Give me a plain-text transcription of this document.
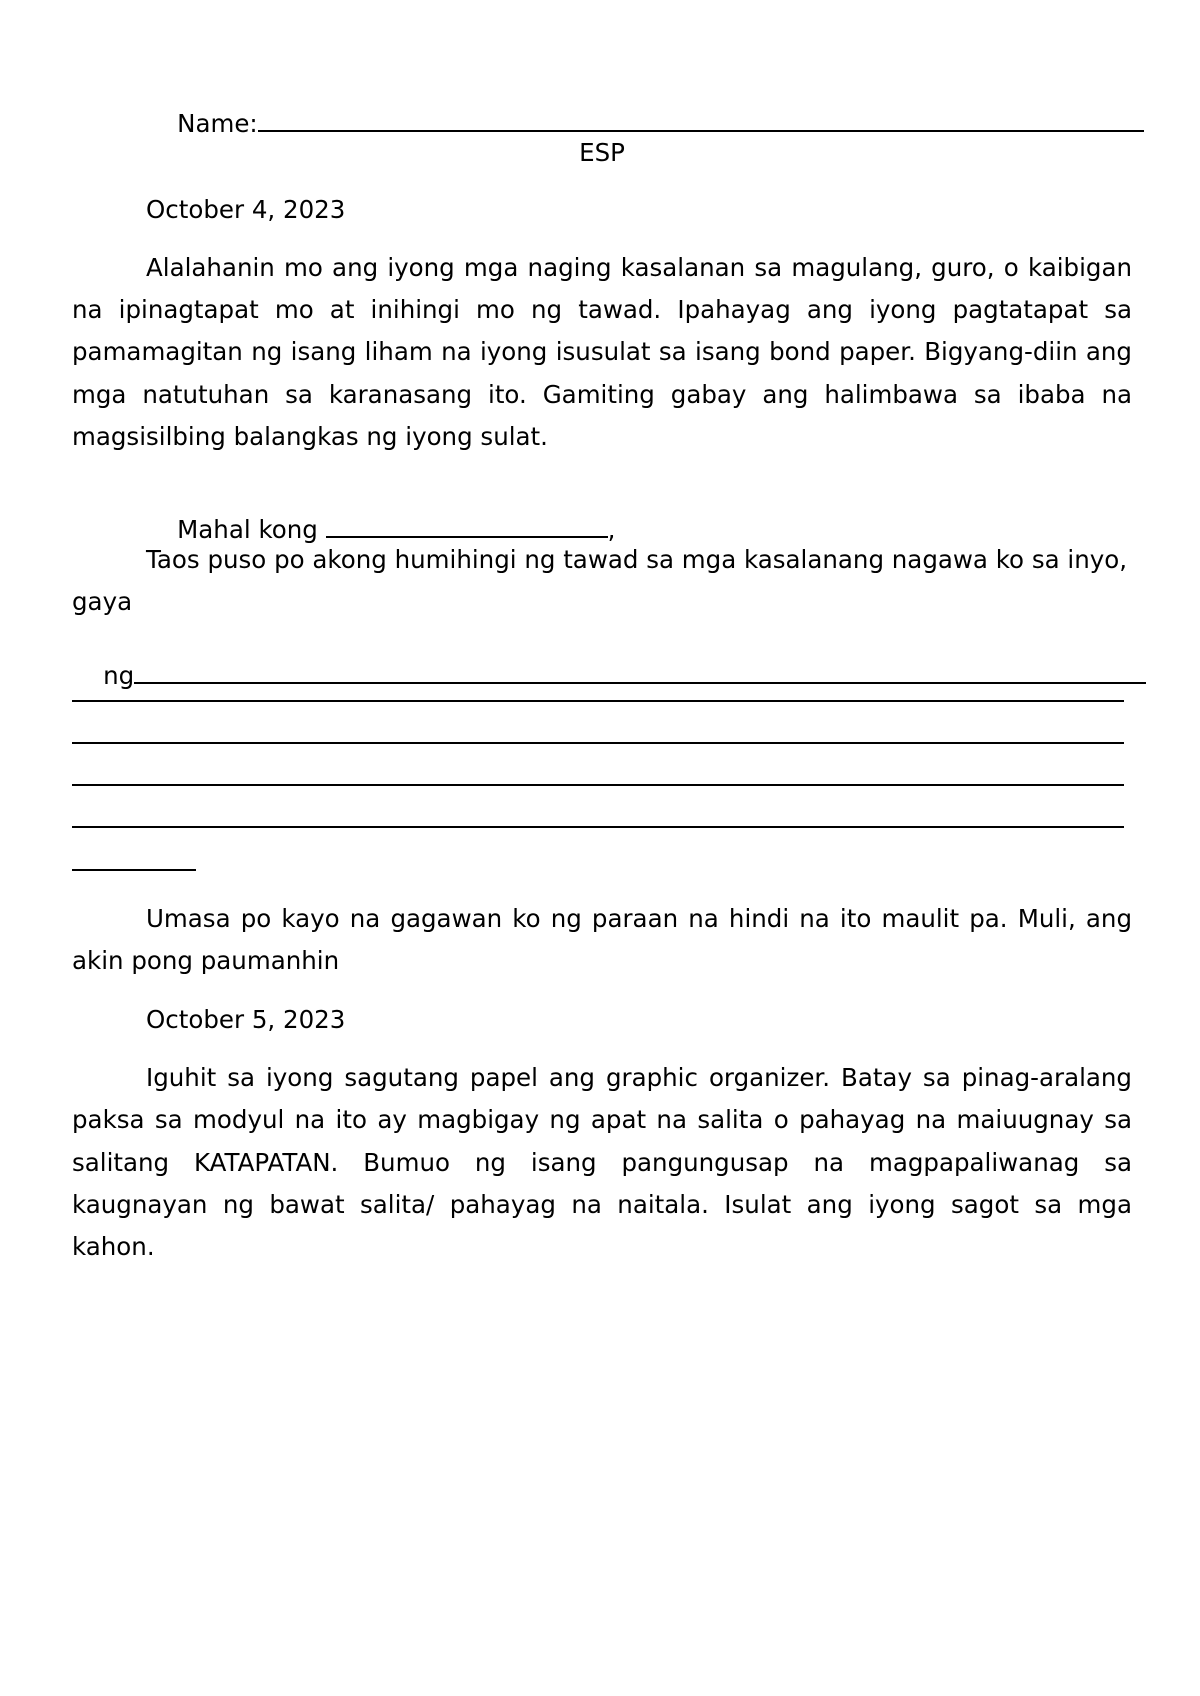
Name:

ESP
October 4, 2023
Alalahanin mo ang iyong mga naging kasalanan sa magulang, guro, o kaibigan
na ipinagtapat mo at inihingi mo ng tawad. Ipahayag ang iyong pagtatapat sa
pamamagitan ng isang liham na iyong isusulat sa isang bond paper. Bigyang-diin ang
mga natutuhan sa karanasang ito. Gamiting gabay ang halimbawa sa ibaba na
magsisilbing balangkas ng iyong sulat.

Mahal kong	,

Taos puso po akong humihingi ng tawad sa mga kasalanang nagawa ko sa inyo,
gaya

ng

Umasa po kayo na gagawan ko ng paraan na hindi na ito maulit pa. Muli, ang
akin pong paumanhin
October 5, 2023
Iguhit sa iyong sagutang papel ang graphic organizer. Batay sa pinag-aralang
paksa sa modyul na ito ay magbigay ng apat na salita o pahayag na maiuugnay sa
salitang KATAPATAN. Bumuo ng isang pangungusap na magpapaliwanag sa
kaugnayan ng bawat salita/ pahayag na naitala. Isulat ang iyong sagot sa mga
kahon.
